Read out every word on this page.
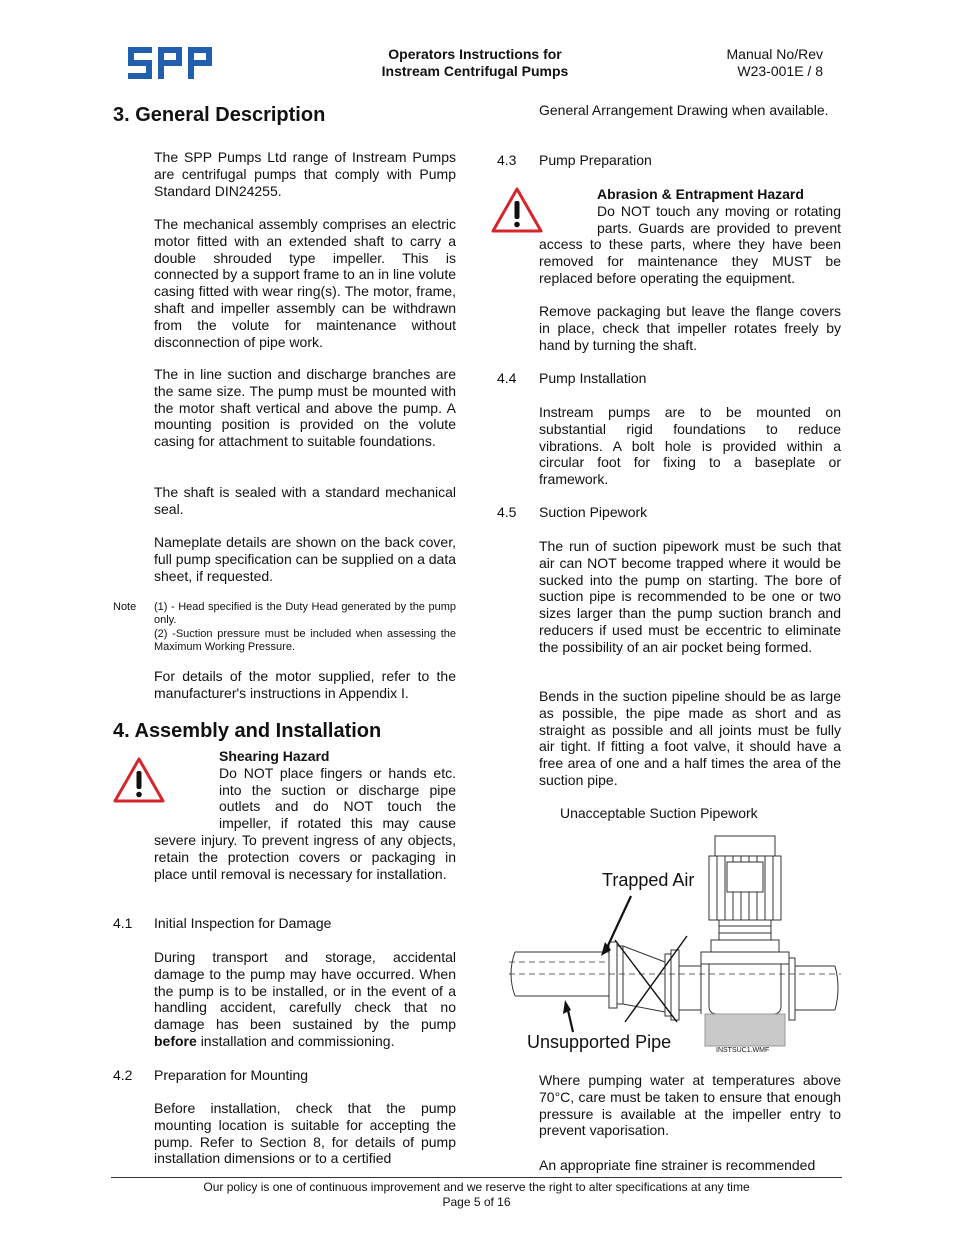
Operators Instructions for
Instream Centrifugal Pumps
Manual No/Rev
W23-001E / 8
3. General Description

The SPP Pumps Ltd range of Instream Pumps are centrifugal pumps that comply with Pump Standard DIN24255.

The mechanical assembly comprises an electric motor fitted with an extended shaft to carry a double shrouded type impeller. This is connected by a support frame to an in line volute casing fitted with wear ring(s). The motor, frame, shaft and impeller assembly can be withdrawn from the volute for maintenance without disconnection of pipe work.

The in line suction and discharge branches are the same size. The pump must be mounted with the motor shaft vertical and above the pump. A mounting position is provided on the volute casing for attachment to suitable foundations.

The shaft is sealed with a standard mechanical seal.

Nameplate details are shown on the back cover, full pump specification can be supplied on a data sheet, if requested.

Note (1) - Head specified is the Duty Head generated by the pump only.

(2) -Suction pressure must be included when assessing the Maximum Working Pressure.

For details of the motor supplied, refer to the manufacturer's instructions in Appendix I.

4. Assembly and Installation
Shearing Hazard
Do NOT place fingers or hands etc. into the suction or discharge pipe outlets and do NOT touch the impeller, if rotated this may cause severe injury. To prevent ingress of any objects, retain the protection covers or packaging in place until removal is necessary for installation.
4.1 Initial Inspection for Damage

During transport and storage, accidental damage to the pump may have occurred. When the pump is to be installed, or in the event of a handling accident, carefully check that no damage has been sustained by the pump before installation and commissioning.

4.2 Preparation for Mounting

Before installation, check that the pump mounting location is suitable for accepting the pump. Refer to Section 8, for details of pump installation dimensions or to a certified

General Arrangement Drawing when available.

4.3 Pump Preparation
Abrasion & Entrapment Hazard
Do NOT touch any moving or rotating parts. Guards are provided to prevent access to these parts, where they have been removed for maintenance they MUST be replaced before operating the equipment.

Remove packaging but leave the flange covers in place, check that impeller rotates freely by hand by turning the shaft.

4.4 Pump Installation

Instream pumps are to be mounted on substantial rigid foundations to reduce vibrations. A bolt hole is provided within a circular foot for fixing to a baseplate or framework.

4.5 Suction Pipework

The run of suction pipework must be such that air can NOT become trapped where it would be sucked into the pump on starting. The bore of suction pipe is recommended to be one or two sizes larger than the pump suction branch and reducers if used must be eccentric to eliminate the possibility of an air pocket being formed.

Bends in the suction pipeline should be as large as possible, the pipe made as short and as straight as possible and all joints must be fully air tight. If fitting a foot valve, it should have a free area of one and a half times the area of the suction pipe.

Unacceptable Suction Pipework
Trapped Air
Unsupported Pipe	INSTSUC1.WMF

Where pumping water at temperatures above 70°C, care must be taken to ensure that enough pressure is available at the impeller entry to prevent vaporisation.

An appropriate fine strainer is recommended

Our policy is one of continuous improvement and we reserve the right to alter specifications at any time
Page 5 of 16
